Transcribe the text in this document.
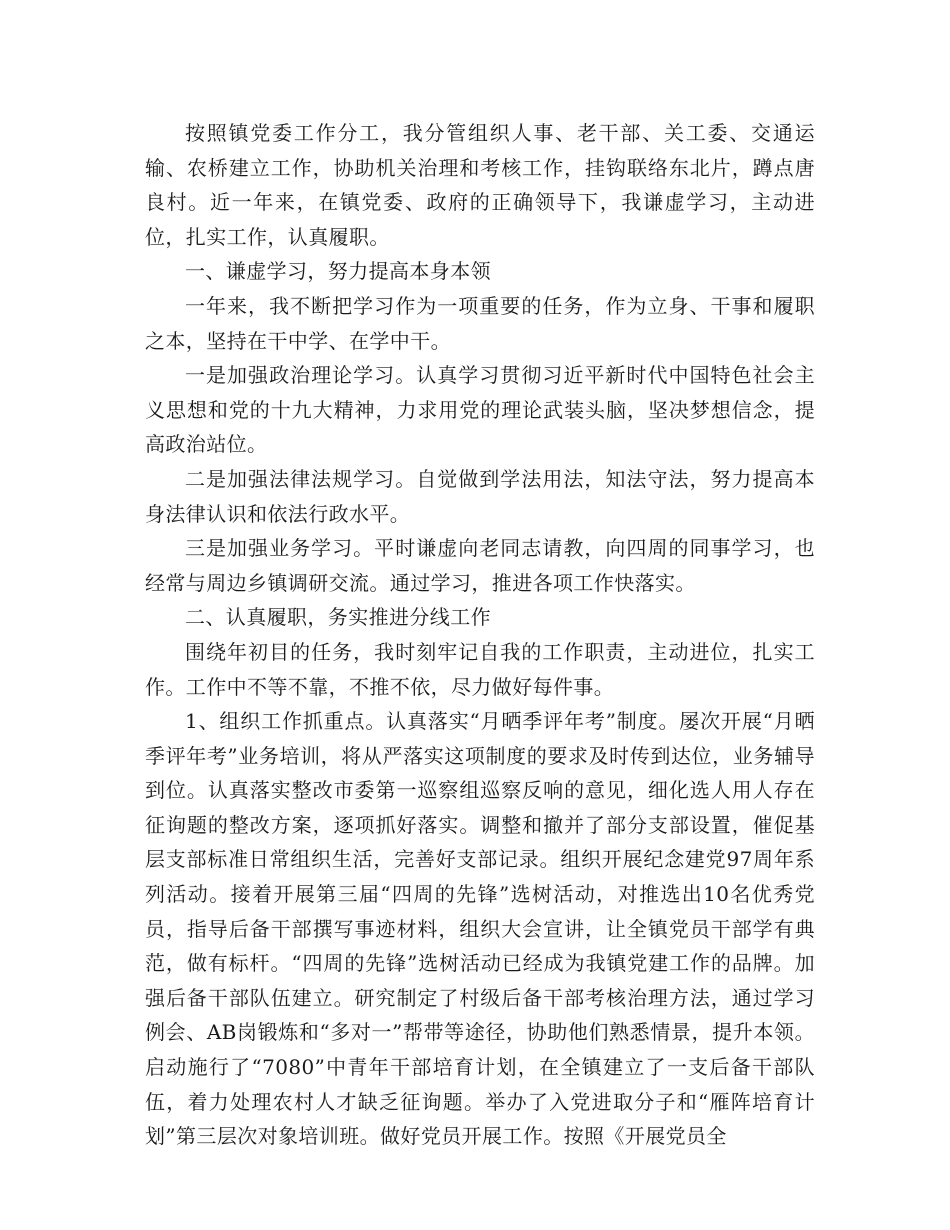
按照镇党委工作分工，我分管组织人事、老干部、关工委、交通运输、农桥建立工作，协助机关治理和考核工作，挂钩联络东北片，蹲点唐良村。近一年来，在镇党委、政府的正确领导下，我谦虚学习，主动进位，扎实工作，认真履职。

一、谦虚学习，努力提高本身本领

一年来，我不断把学习作为一项重要的任务，作为立身、干事和履职之本，坚持在干中学、在学中干。

一是加强政治理论学习。认真学习贯彻习近平新时代中国特色社会主义思想和党的十九大精神，力求用党的理论武装头脑，坚决梦想信念，提高政治站位。

二是加强法律法规学习。自觉做到学法用法，知法守法，努力提高本身法律认识和依法行政水平。

三是加强业务学习。平时谦虚向老同志请教，向四周的同事学习，也经常与周边乡镇调研交流。通过学习，推进各项工作快落实。

二、认真履职，务实推进分线工作

围绕年初目的任务，我时刻牢记自我的工作职责，主动进位，扎实工作。工作中不等不靠，不推不依，尽力做好每件事。

1、组织工作抓重点。认真落实“月晒季评年考”制度。屡次开展“月晒季评年考”业务培训，将从严落实这项制度的要求及时传到达位，业务辅导到位。认真落实整改市委第一巡察组巡察反响的意见，细化选人用人存在征询题的整改方案，逐项抓好落实。调整和撤并了部分支部设置，催促基层支部标准日常组织生活，完善好支部记录。组织开展纪念建党97周年系列活动。接着开展第三届“四周的先锋”选树活动，对推选出10名优秀党员，指导后备干部撰写事迹材料，组织大会宣讲，让全镇党员干部学有典范，做有标杆。“四周的先锋”选树活动已经成为我镇党建工作的品牌。加强后备干部队伍建立。研究制定了村级后备干部考核治理方法，通过学习例会、AB岗锻炼和“多对一”帮带等途径，协助他们熟悉情景，提升本领。启动施行了“7080”中青年干部培育计划，在全镇建立了一支后备干部队伍，着力处理农村人才缺乏征询题。举办了入党进取分子和“雁阵培育计划”第三层次对象培训班。做好党员开展工作。按照《开展党员全
